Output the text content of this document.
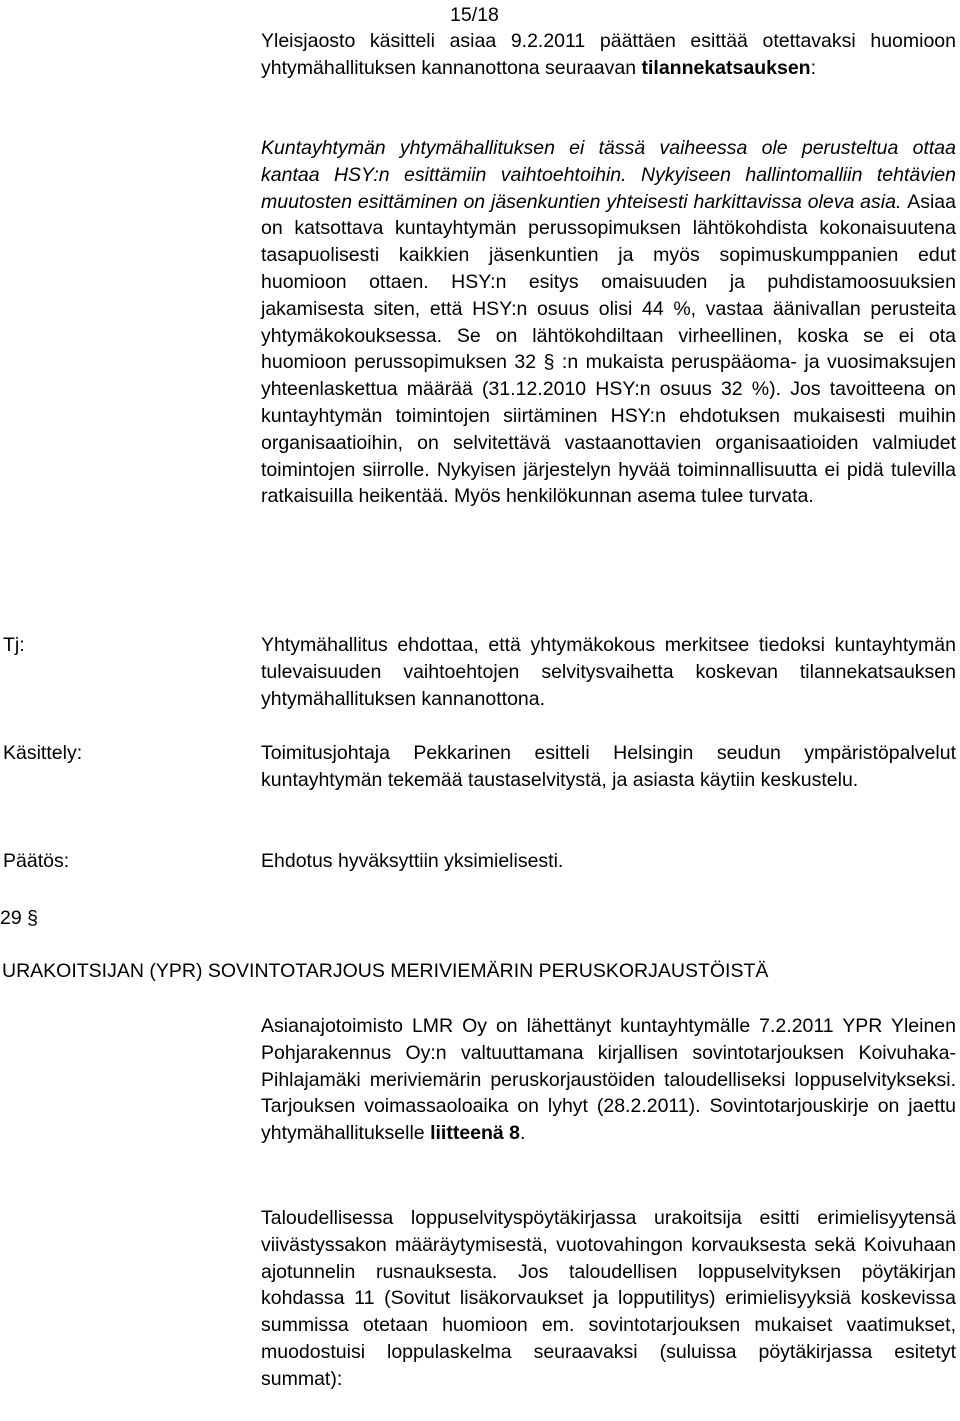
15/18
Yleisjaosto käsitteli asiaa 9.2.2011 päättäen esittää otettavaksi huomioon yhtymähallituksen kannanottona seuraavan tilannekatsauksen:
Kuntayhtymän yhtymähallituksen ei tässä vaiheessa ole perusteltua ottaa kantaa HSY:n esittämiin vaihtoehtoihin. Nykyiseen hallintomalliin tehtävien muutosten esittäminen on jäsenkuntien yhteisesti harkittavissa oleva asia. Asiaa on katsottava kuntayhtymän perussopimuksen lähtökohdista kokonaisuutena tasapuolisesti kaikkien jäsenkuntien ja myös sopimuskumppanien edut huomioon ottaen. HSY:n esitys omaisuuden ja puhdistamoosuuksien jakamisesta siten, että HSY:n osuus olisi 44 %, vastaa äänivallan perusteita yhtymäkokouksessa. Se on lähtökohdiltaan virheellinen, koska se ei ota huomioon perussopimuksen 32 § :n mukaista peruspääoma- ja vuosimaksujen yhteenlaskettua määrää (31.12.2010 HSY:n osuus 32 %). Jos tavoitteena on kuntayhtymän toimintojen siirtäminen HSY:n ehdotuksen mukaisesti muihin organisaatioihin, on selvitettävä vastaanottavien organisaatioiden valmiudet toimintojen siirrolle. Nykyisen järjestelyn hyvää toiminnallisuutta ei pidä tulevilla ratkaisuilla heikentää. Myös henkilökunnan asema tulee turvata.
Tj:	Yhtymähallitus ehdottaa, että yhtymäkokous merkitsee tiedoksi kuntayhtymän tulevaisuuden vaihtoehtojen selvitysvaihetta koskevan tilannekatsauksen yhtymähallituksen kannanottona.
Käsittely:	Toimitusjohtaja Pekkarinen esitteli Helsingin seudun ympäristöpalvelut kuntayhtymän tekemää taustaselvitystä, ja asiasta käytiin keskustelu.
Päätös:	Ehdotus hyväksyttiin yksimielisesti.
29 §
URAKOITSIJAN (YPR) SOVINTOTARJOUS MERIVIEMÄRIN PERUSKORJAUSTÖISTÄ
Asianajotoimisto LMR Oy on lähettänyt kuntayhtymälle 7.2.2011 YPR Yleinen Pohjarakennus Oy:n valtuuttamana kirjallisen sovintotarjouksen Koivuhaka-Pihlajamäki meriviemärin peruskorjaustöiden taloudelliseksi loppuselvitykseksi. Tarjouksen voimassaoloaika on lyhyt (28.2.2011). Sovintotarjouskirje on jaettu yhtymähallitukselle liitteenä 8.
Taloudellisessa loppuselvityspöytäkirjassa urakoitsija esitti erimielisyytensä viivästyssakon määräytymisestä, vuotovahingon korvauksesta sekä Koivuhaan ajotunnelin rusnauksesta. Jos taloudellisen loppuselvityksen pöytäkirjan kohdassa 11 (Sovitut lisäkorvaukset ja lopputilitys) erimielisyyksiä koskevissa summissa otetaan huomioon em. sovintotarjouksen mukaiset vaatimukset, muodostuisi loppulaskelma seuraavaksi (suluissa pöytäkirjassa esitetyt summat):
